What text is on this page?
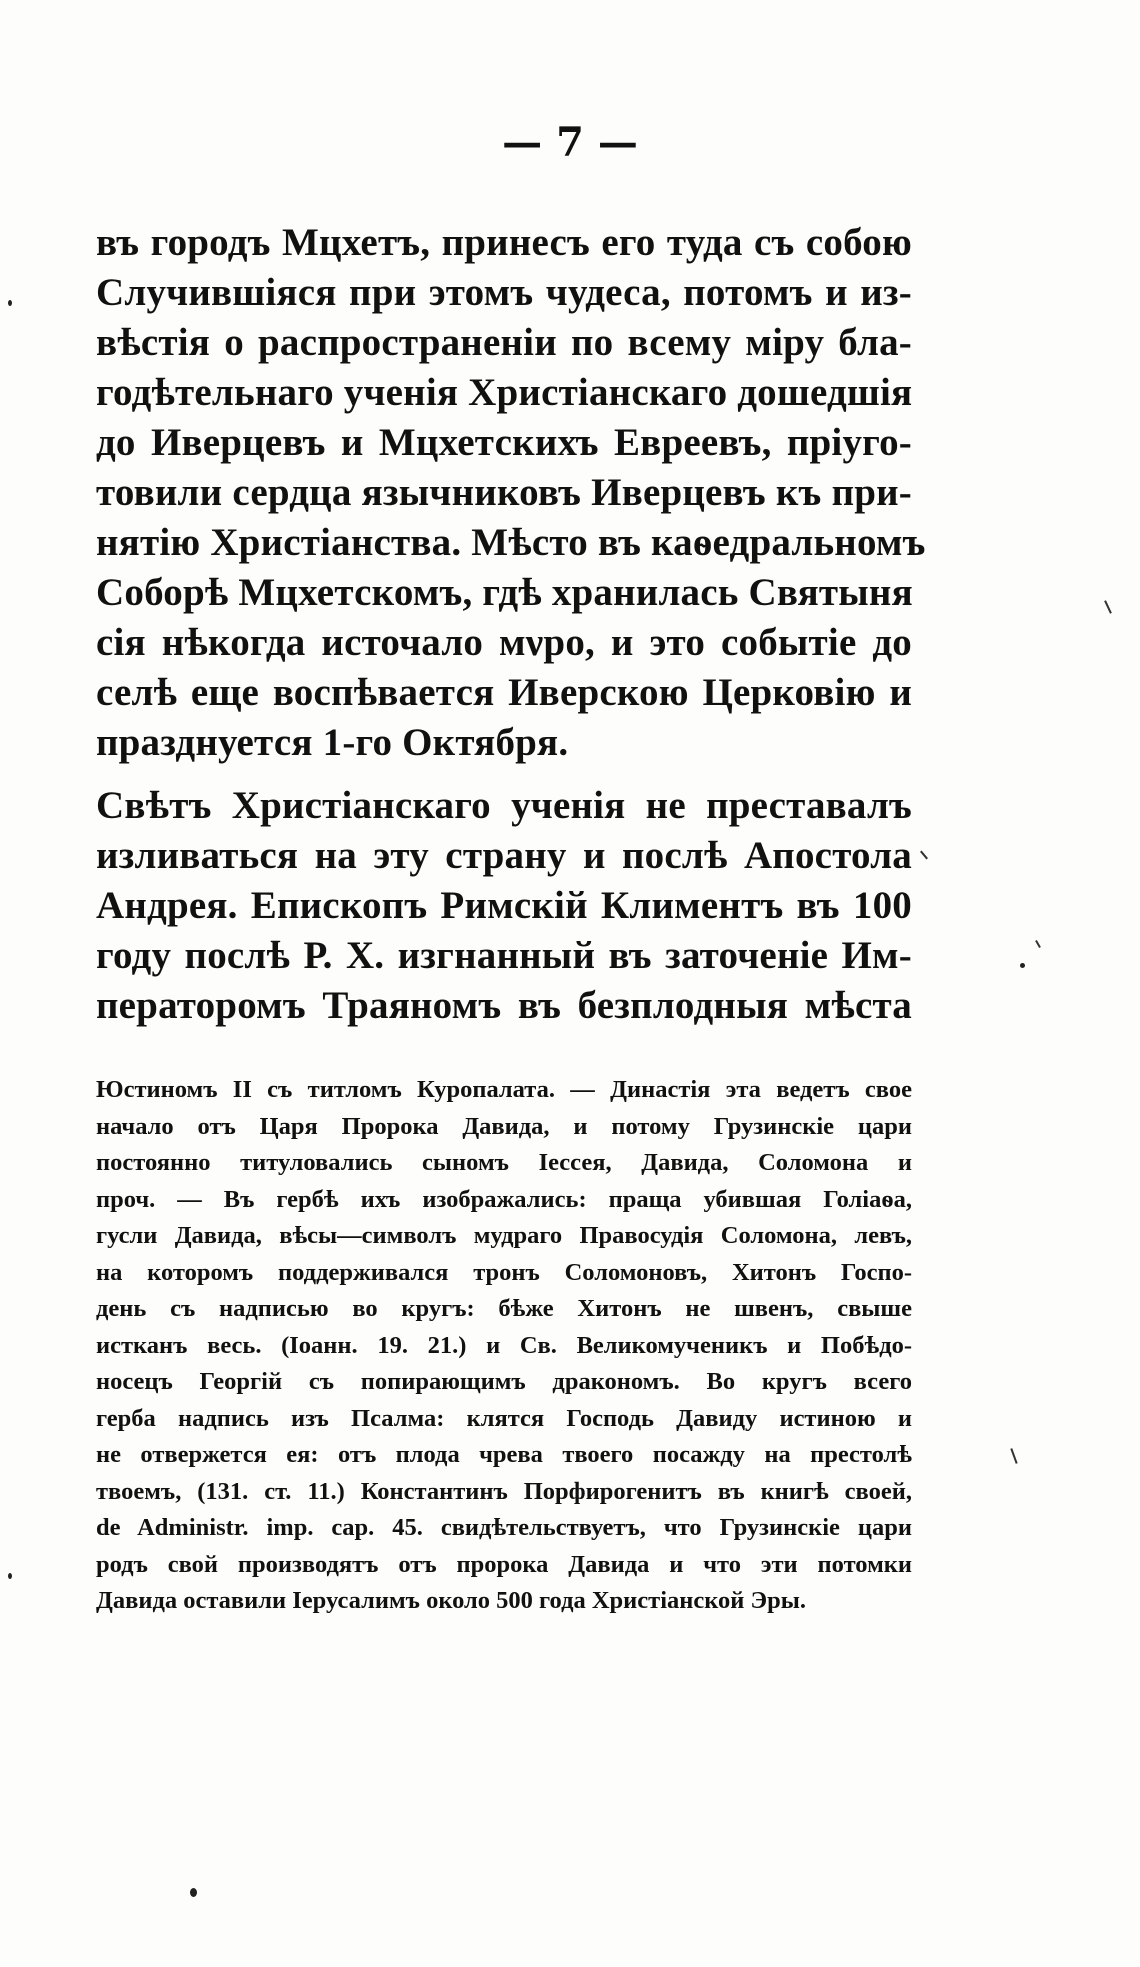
— 7 —
въ городъ Мцхетъ, принесъ его туда съ собою
Случившіяся при этомъ чудеса, потомъ и из-
вѣстія о распространеніи по всему міру бла-
годѣтельнаго ученія Христіанскаго дошедшія
до Иверцевъ и Мцхетскихъ Евреевъ, пріуго-
товили сердца язычниковъ Иверцевъ къ при-
нятію Христіанства. Мѣсто въ каѳедральномъ
Соборѣ Мцхетскомъ, гдѣ хранилась Святыня
сія нѣкогда источало мνро, и это событіе до
селѣ еще воспѣвается Иверскою Церковію и
празднуется 1-го Октября.
Свѣтъ Христіанскаго ученія не преставалъ
изливаться на эту страну и послѣ Апостола
Андрея. Епископъ Римскій Климентъ въ 100
году послѣ Р. Х. изгнанный въ заточеніе Им-
ператоромъ Траяномъ въ безплодныя мѣста
Юстиномъ II съ титломъ Куропалата. — Династія эта ведетъ свое
начало отъ Царя Пророка Давида, и потому Грузинскіе цари
постоянно титуловались сыномъ Іессея, Давида, Соломона и
проч. — Въ гербѣ ихъ изображались: праща убившая Голіаѳа,
гусли Давида, вѣсы—символъ мудраго Правосудія Соломона, левъ,
на которомъ поддерживался тронъ Соломоновъ, Хитонъ Госпо-
день съ надписью во кругъ: бѣже Хитонъ не швенъ, свыше
истканъ весь. (Іоанн. 19. 21.) и Св. Великомученикъ и Побѣдо-
носецъ Георгій съ попирающимъ дракономъ. Во кругъ всего
герба надпись изъ Псалма: клятся Господь Давиду истиною и
не отвержется ея: отъ плода чрева твоего посажду на престолѣ
твоемъ, (131. ст. 11.) Константинъ Порфирогенитъ въ книгѣ своей,
de Administr. imp. cap. 45. свидѣтельствуетъ, что Грузинскіе цари
родъ свой производятъ отъ пророка Давида и что эти потомки
Давида оставили Іерусалимъ около 500 года Христіанской Эры.
